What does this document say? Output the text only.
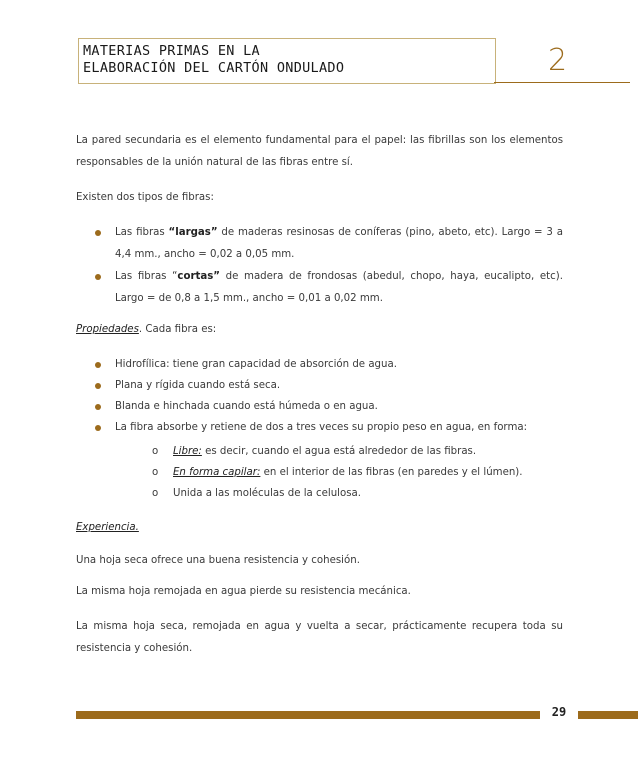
MATERIAS PRIMAS EN LA
ELABORACIÓN DEL CARTÓN ONDULADO	2

La pared secundaria es el elemento fundamental para el papel: las fibrillas son los elementos responsables de la unión natural de las fibras entre sí.

Existen dos tipos de fibras:

Las fibras “largas” de maderas resinosas de coníferas (pino, abeto, etc). Largo = 3 a 4,4 mm., ancho = 0,02 a 0,05 mm.
Las fibras “cortas” de madera de frondosas (abedul, chopo, haya, eucalipto, etc). Largo = de 0,8 a 1,5 mm., ancho = 0,01 a 0,02 mm.

Propiedades. Cada fibra es:

Hidrofílica: tiene gran capacidad de absorción de agua.
Plana y rígida cuando está seca.
Blanda e hinchada cuando está húmeda o en agua.
La fibra absorbe y retiene de dos a tres veces su propio peso en agua, en forma:
o Libre: es decir, cuando el agua está alrededor de las fibras.
o En forma capilar: en el interior de las fibras (en paredes y el lúmen).
o Unida a las moléculas de la celulosa.

Experiencia.

Una hoja seca ofrece una buena resistencia y cohesión.

La misma hoja remojada en agua pierde su resistencia mecánica.

La misma hoja seca, remojada en agua y vuelta a secar, prácticamente recupera toda su resistencia y cohesión.

29
